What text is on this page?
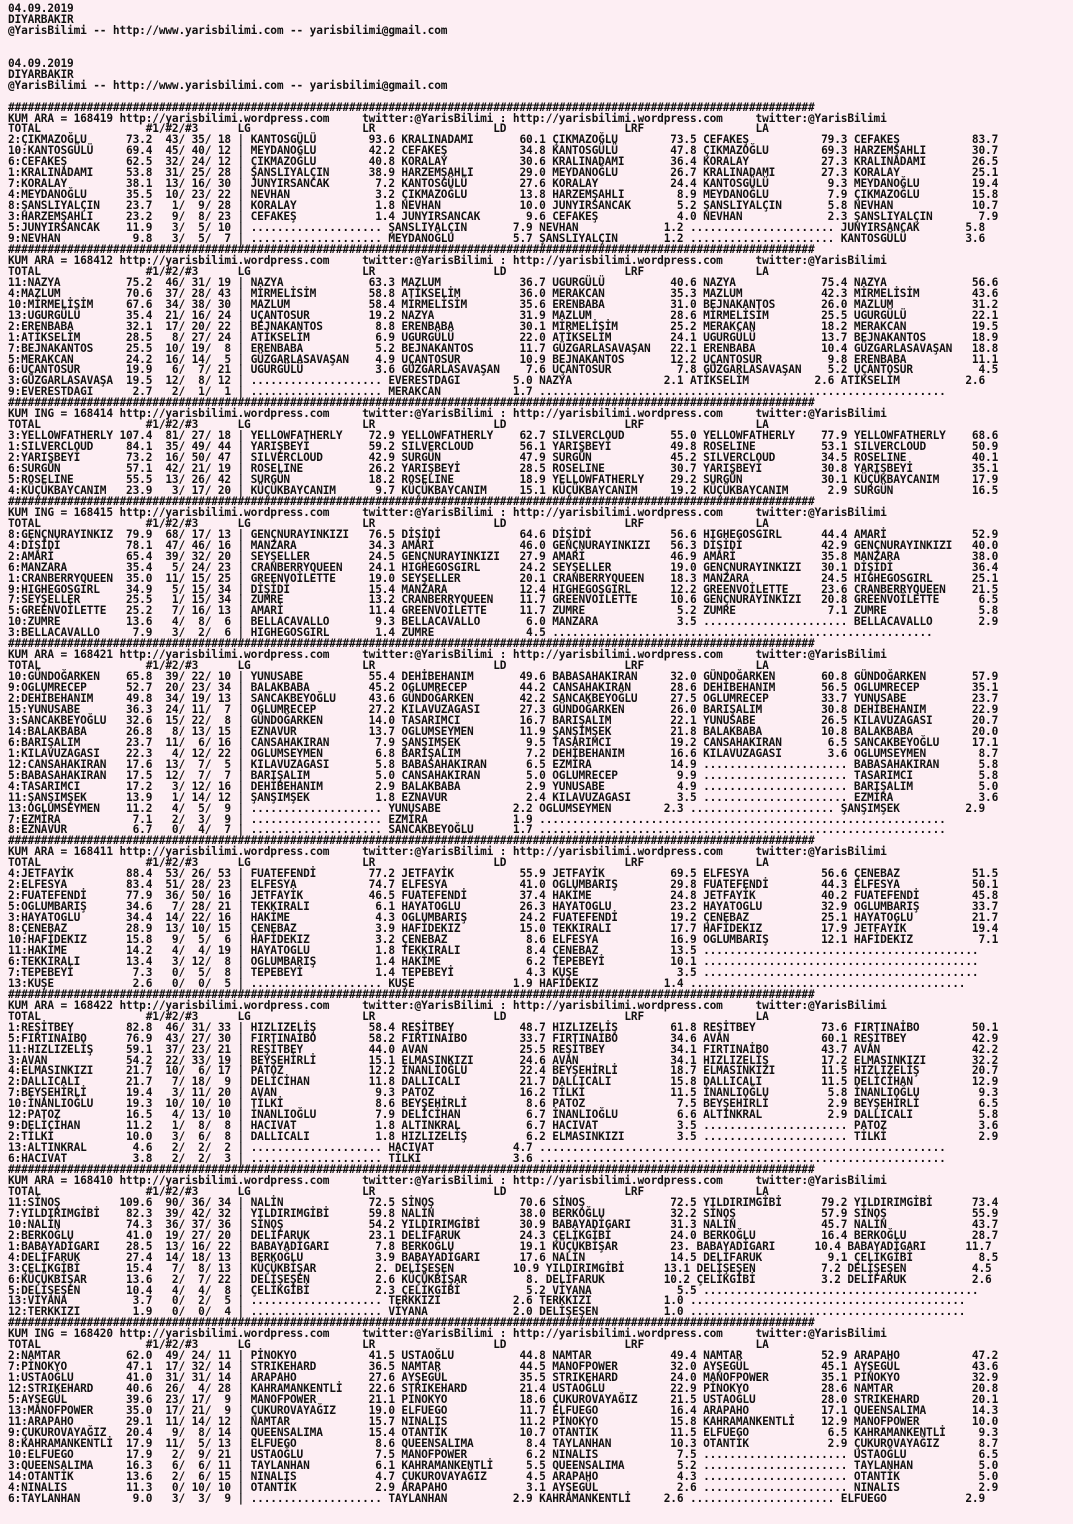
04.09.2019
DIYARBAKIR
@YarisBilimi -- http://www.yarisbilimi.com -- yarisbilimi@gmail.com

04.09.2019
DIYARBAKIR
@YarisBilimi -- http://www.yarisbilimi.com -- yarisbilimi@gmail.com

###########################################################################################################################
KUM ARA = 168419 http://yarisbilimi.wordpress.com     twitter:@YarisBilimi : http://yarisbilimi.wordpress.com     twitter:@YarisBilimi
TOTAL                #1/#2/#3      LG                 LR                  LD                  LRF                 LA
2:ÇIKMAZOĞLU      73.2  43/ 35/ 18 | KANTOSGÜLÜ        93.6 KRALINADAMI       60.1 ÇIKMAZOĞLU        73.5 CEFAKEŞ           79.3 CEFAKEŞ           83.7
10:KANTOSGÜLÜ     69.4  45/ 40/ 12 | MEYDANOĞLU        42.2 CEFAKEŞ           34.8 KANTOSGÜLÜ        47.8 ÇIKMAZOĞLU        69.3 HARZEMŞAHLI       30.7
6:CEFAKEŞ         62.5  32/ 24/ 12 | ÇIKMAZOĞLU        40.8 KORALAY           30.6 KRALINADAMI       36.4 KORALAY           27.3 KRALINADAMI       26.5
1:KRALINADAMI     53.8  31/ 25/ 28 | ŞANSLIYALÇIN      38.9 HARZEMŞAHLI       29.0 MEYDANOĞLU        26.7 KRALINADAMI       27.3 KORALAY           25.1
7:KORALAY         38.1  13/ 16/ 30 | JUNYIRSANCAK       7.2 KANTOSGÜLÜ        27.6 KORALAY           24.4 KANTOSGÜLÜ         9.3 MEYDANOĞLU        19.4
4:MEYDANOĞLU      35.5  10/ 23/ 22 | NEVHAN             3.2 ÇIKMAZOĞLU        13.8 HARZEMŞAHLI        8.9 MEYDANOĞLU         7.9 ÇIKMAZOĞLU        15.8
8:ŞANSLIYALÇIN    23.7   1/  9/ 28 | KORALAY            1.8 NEVHAN            10.0 JUNYIRSANCAK       5.2 ŞANSLIYALÇIN       5.8 NEVHAN            10.7
3:HARZEMŞAHLI     23.2   9/  8/ 23 | CEFAKEŞ            1.4 JUNYIRSANCAK       9.6 CEFAKEŞ            4.0 NEVHAN             2.3 ŞANSLIYALÇIN       7.9
5:JUNYIRSANCAK    11.9   3/  5/ 10 | .................... ŞANSLIYALÇIN       7.9 NEVHAN             1.2 ...................... JUNYIRSANCAK       5.8
9:NEVHAN           9.8   3/  5/  7 | .................... MEYDANOĞLU         5.7 ŞANSLIYALÇIN       1.2 ...................... KANTOSGÜLÜ         3.6
###########################################################################################################################
KUM ARA = 168412 http://yarisbilimi.wordpress.com     twitter:@YarisBilimi : http://yarisbilimi.wordpress.com     twitter:@YarisBilimi
TOTAL                #1/#2/#3      LG                 LR                  LD                  LRF                 LA
11:NAZYA          75.2  46/ 31/ 19 | NAZYA             63.3 MAZLUM            36.7 UGURGÜLÜ          40.6 NAZYA             75.4 NAZYA             56.6
4:MAZLUM          70.6  37/ 28/ 43 | MİRMELİSİM        58.8 ATİKSELİM         36.0 MERAKCAN          35.3 MAZLUM            42.3 MİRMELİSİM        43.6
10:MİRMELİSİM     67.6  34/ 38/ 30 | MAZLUM            58.4 MİRMELİSİM        35.6 ERENBABA          31.0 BEJNAKANTOS       26.0 MAZLUM            31.2
13:UGURGÜLÜ       35.4  21/ 16/ 24 | UÇANTOSUR         19.2 NAZYA             31.9 MAZLUM            28.6 MİRMELİSİM        25.5 UGURGÜLÜ          22.1
2:ERENBABA        32.1  17/ 20/ 22 | BEJNAKANTOS        8.8 ERENBABA          30.1 MİRMELİSİM        25.2 MERAKCAN          18.2 MERAKCAN          19.5
1:ATİKSELİM       28.5   8/ 27/ 24 | ATİKSELİM          6.9 UGURGÜLÜ          22.0 ATİKSELİM         24.1 UGURGÜLÜ          13.7 BEJNAKANTOS       18.9
7:BEJNAKANTOS     25.5  10/ 19/  8 | ERENBABA           5.2 BEJNAKANTOS       11.7 GÜZGARLASAVAŞAN   22.1 ERENBABA          10.4 GÜZGARLASAVAŞAN   18.8
5:MERAKCAN        24.2  16/ 14/  5 | GÜZGARLASAVAŞAN    4.9 UÇANTOSUR         10.9 BEJNAKANTOS       12.2 UÇANTOSUR          9.8 ERENBABA          11.1
6:UÇANTOSUR       19.9   6/  7/ 21 | UGURGÜLÜ           3.6 GÜZGARLASAVAŞAN    7.6 UÇANTOSUR          7.8 GÜZGARLASAVAŞAN    5.2 UÇANTOSUR          4.5
3:GÜZGARLASAVAŞA  19.5  12/  8/ 12 | .................... EVERESTDAGI        5.0 NAZYA              2.1 ATİKSELİM          2.6 ATİKSELİM          2.6
9:EVERESTDAGI      2.7   2/  1/  1 | .................... MERAKCAN           1.7 ..............................................................
###########################################################################################################################
KUM ING = 168414 http://yarisbilimi.wordpress.com     twitter:@YarisBilimi : http://yarisbilimi.wordpress.com     twitter:@YarisBilimi
TOTAL                #1/#2/#3      LG                 LR                  LD                  LRF                 LA
3:YELLOWFATHERLY 107.4  81/ 27/ 18 | YELLOWFATHERLY    72.9 YELLOWFATHERLY    62.7 SILVERCLOUD       55.0 YELLOWFATHERLY    77.9 YELLOWFATHERLY    68.6
1:SILVERCLOUD     84.1  35/ 49/ 44 | YARIŞBEYİ         59.2 SILVERCLOUD       56.1 YARIŞBEYİ         49.8 ROSELINE          53.1 SILVERCLOUD       50.9
2:YARIŞBEYİ       73.2  16/ 50/ 47 | SILVERCLOUD       42.9 SURGÜN            47.9 SURGÜN            45.2 SILVERCLOUD       34.5 ROSELINE          40.1
6:SURGÜN          57.1  42/ 21/ 19 | ROSELINE          26.2 YARIŞBEYİ         28.5 ROSELINE          30.7 YARIŞBEYİ         30.8 YARIŞBEYİ         35.1
5:ROSELINE        55.5  13/ 26/ 42 | SURGÜN            18.2 ROSELINE          18.9 YELLOWFATHERLY    29.2 SURGÜN            30.1 KÜÇÜKBAYCANIM     17.9
4:KÜÇÜKBAYCANIM   23.9   3/ 17/ 20 | KÜÇÜKBAYCANIM      9.7 KÜÇÜKBAYCANIM     15.1 KÜÇÜKBAYCANIM     19.2 KÜÇÜKBAYCANIM      2.9 SURGÜN            16.5
###########################################################################################################################
KUM ING = 168415 http://yarisbilimi.wordpress.com     twitter:@YarisBilimi : http://yarisbilimi.wordpress.com     twitter:@YarisBilimi
TOTAL                #1/#2/#3      LG                 LR                  LD                  LRF                 LA
8:GENÇNURAYINKIZ  79.9  68/ 17/ 13 | GENÇNURAYINKIZI   76.5 DİŞİDİ            64.6 DİŞİDİ            56.6 HIGHEGOSGIRL      44.4 AMARİ             52.9
4:DİŞİDİ          78.1  47/ 46/ 16 | MANZARA           34.3 AMARİ             46.0 GENÇNURAYINKIZI   56.3 DİŞİDİ            42.9 GENÇNURAYINKIZI   40.0
2:AMARİ           65.4  39/ 32/ 20 | SEYŞELLER         24.5 GENÇNURAYINKIZI   27.9 AMARİ             46.9 AMARİ             35.8 MANZARA           38.0
6:MANZARA         35.4   5/ 24/ 23 | CRANBERRYQUEEN    24.1 HIGHEGOSGIRL      24.2 SEYŞELLER         19.0 GENÇNURAYINKIZI   30.1 DİŞİDİ            36.4
1:CRANBERRYQUEEN  35.0  11/ 15/ 25 | GREENVOİLETTE     19.0 SEYŞELLER         20.1 CRANBERRYQUEEN    18.3 MANZARA           24.5 HIGHEGOSGIRL      25.1
9:HIGHEGOSGIRL    34.9   5/ 15/ 34 | DİŞİDİ            15.4 MANZARA           12.4 HIGHEGOSGIRL      12.2 GREENVOİLETTE     23.6 CRANBERRYQUEEN    21.5
7:SEYŞELLER       25.5   1/ 15/ 34 | ZUMRE             13.2 CRANBERRYQUEEN    11.7 GREENVOİLETTE     10.6 GENÇNURAYINKIZI   20.8 GREENVOİLETTE      6.5
5:GREENVOİLETTE   25.2   7/ 16/ 13 | AMARİ             11.4 GREENVOİLETTE     11.7 ZUMRE              5.2 ZUMRE              7.1 ZUMRE              5.8
10:ZUMRE          13.6   4/  8/  6 | BELLACAVALLO       9.3 BELLACAVALLO       6.0 MANZARA            3.5 ...................... BELLACAVALLO       2.9
3:BELLACAVALLO     7.9   3/  2/  6 | HIGHEGOSGIRL       1.4 ZUMRE              4.5 ..........................................................
###########################################################################################################################
KUM ARA = 168421 http://yarisbilimi.wordpress.com     twitter:@YarisBilimi : http://yarisbilimi.wordpress.com     twitter:@YarisBilimi
TOTAL                #1/#2/#3      LG                 LR                  LD                  LRF                 LA
10:GÜNDOĞARKEN    65.8  39/ 22/ 10 | YUNUSABE          55.4 DEHİBEHANIM       49.6 BABASAHAKIRAN     32.0 GÜNDOĞARKEN       60.8 GÜNDOĞARKEN       57.9
9:OGLUMRECEP      52.7  20/ 23/ 34 | BALAKBABA         45.2 OGLUMRECEP        44.2 CANSAHAKIRAN      28.6 DEHİBEHANIM       56.5 OGLUMRECEP        35.1
2:DEHİBEHANIM     49.8  34/ 19/ 13 | SANCAKBEYOĞLU     43.6 GÜNDOĞARKEN       42.2 SANCAKBEYOĞLU     27.5 OGLUMRECEP        33.7 YUNUSABE          23.7
15:YUNUSABE       36.3  24/ 11/  7 | OGLUMRECEP        27.2 KILAVUZAGASI      27.3 GÜNDOĞARKEN       26.0 BARIŞALIM         30.8 DEHİBEHANIM       22.9
3:SANCAKBEYOĞLU   32.6  15/ 22/  8 | GÜNDOĞARKEN       14.0 TASARIMCI         16.7 BARIŞALIM         22.1 YUNUSABE          26.5 KILAVUZAGASI      20.7
14:BALAKBABA      26.8   8/ 13/ 15 | EZNAVUR           13.7 OGLUMSEYMEN       11.9 ŞANŞIMŞEK         21.8 BALAKBABA         10.8 BALAKBABA         20.0
6:BARIŞALIM       23.7  11/  6/ 16 | CANSAHAKIRAN       7.9 ŞANŞIMŞEK          9.5 TASARIMCI         19.2 CANSAHAKIRAN       6.5 SANCAKBEYOĞLU     17.1
1:KILAVUZAGASI    22.3   4/ 12/ 22 | OGLUMSEYMEN        6.8 BARIŞALIM          7.2 DEHİBEHANIM       16.6 KILAVUZAGASI       3.6 OGLUMSEYMEN        8.7
12:CANSAHAKIRAN   17.6  13/  7/  5 | KILAVUZAGASI       5.8 BABASAHAKIRAN      6.5 EZMİRA            14.9 ...................... BABASAHAKIRAN      5.8
5:BABASAHAKIRAN   17.5  12/  7/  7 | BARIŞALIM          5.0 CANSAHAKIRAN       5.0 OGLUMRECEP         9.9 ...................... TASARIMCI          5.8
4:TASARIMCI       17.2   3/ 12/ 16 | DEHİBEHANIM        2.9 BALAKBABA          2.9 YUNUSABE           4.9 ...................... BARIŞALIM          5.0
11:ŞANŞIMŞEK      13.9   1/ 14/ 12 | ŞANŞIMŞEK          1.8 EZNAVUR            2.4 KILAVUZAGASI       3.5 ...................... EZMİRA             3.6
13:OGLUMSEYMEN    11.2   4/  5/  9 | .................... YUNUSABE           2.2 OGLUMSEYMEN        2.3 ...................... ŞANŞIMŞEK          2.9
7:EZMİRA           7.1   2/  3/  9 | .................... EZMİRA             1.9 ..............................................................
8:EZNAVUR          6.7   0/  4/  7 | .................... SANCAKBEYOĞLU      1.7 ..............................................................
###########################################################################################################################
KUM ARA = 168411 http://yarisbilimi.wordpress.com     twitter:@YarisBilimi : http://yarisbilimi.wordpress.com     twitter:@YarisBilimi
TOTAL                #1/#2/#3      LG                 LR                  LD                  LRF                 LA
4:JETFAYİK        88.4  53/ 26/ 53 | FUATEFENDİ        77.2 JETFAYİK          55.9 JETFAYİK          69.5 ELFESYA           56.6 ÇENEBAZ           51.5
2:ELFESYA         83.4  51/ 28/ 23 | ELFESYA           74.7 ELFESYA           41.0 OGLUMBARIŞ        29.8 FUATEFENDİ        44.3 ELFESYA           50.1
2:FUATEFENDİ      77.9  36/ 50/ 16 | JETFAYİK          46.5 FUATEFENDİ        37.4 HAKİME            24.8 JETFAYİK          40.2 FUATEFENDİ        45.8
5:OGLUMBARIŞ      34.6   7/ 28/ 21 | TEKKIRALI          6.1 HAYATOGLU         26.3 HAYATOGLU         23.2 HAYATOGLU         32.9 OGLUMBARIŞ        33.7
3:HAYATOGLU       34.4  14/ 22/ 16 | HAKİME             4.3 OGLUMBARIŞ        24.2 FUATEFENDİ        19.2 ÇENEBAZ           25.1 HAYATOGLU         21.7
8:ÇENEBAZ         28.9  13/ 10/ 15 | ÇENEBAZ            3.9 HAFİDEKIZ         15.0 TEKKIRALI         17.7 HAFİDEKIZ         17.9 JETFAYİK          19.4
10:HAFİDEKIZ      15.8   9/  5/  6 | HAFİDEKIZ          3.2 ÇENEBAZ            8.6 ELFESYA           16.9 OGLUMBARIŞ        12.1 HAFİDEKIZ          7.1
11:HAKİME         14.2   4/  4/ 19 | HAYATOGLU          1.8 TEKKIRALI          8.4 ÇENEBAZ           13.5 ..........................................
6:TEKKIRALI       13.4   3/ 12/  8 | OGLUMBARIŞ         1.4 HAKİME             6.2 TEPEBEYİ          10.1 ..........................................
7:TEPEBEYİ         7.3   0/  5/  8 | TEPEBEYİ           1.4 TEPEBEYİ           4.3 KUŞE               3.5 ..........................................
13:KUŞE            2.6   0/  0/  5 | .................... KUŞE               1.9 HAFİDEKIZ          1.4 ..........................................
###########################################################################################################################
KUM ARA = 168422 http://yarisbilimi.wordpress.com     twitter:@YarisBilimi : http://yarisbilimi.wordpress.com     twitter:@YarisBilimi
TOTAL                #1/#2/#3      LG                 LR                  LD                  LRF                 LA
1:REŞİTBEY        82.8  46/ 31/ 33 | HIZLIZELİŞ        58.4 REŞİTBEY          48.7 HIZLIZELİŞ        61.8 REŞİTBEY          73.6 FIRTINAİBO        50.1
5:FIRTINAİBO      76.9  43/ 27/ 30 | FIRTINAİBO        58.2 FIRTINAİBO        33.7 FIRTINAİBO        34.6 AVAN              60.1 REŞİTBEY          42.9
11:HIZLIZELİŞ     59.1  37/ 23/ 21 | REŞİTBEY          44.0 AVAN              25.5 REŞİTBEY          34.1 FIRTINAİBO        43.7 AVAN              42.2
3:AVAN            54.2  22/ 33/ 19 | BEYŞEHİRLİ        15.1 ELMASINKIZI       24.6 AVAN              34.1 HIZLIZELİŞ        17.2 ELMASINKIZI       32.2
4:ELMASINKIZI     21.7  10/  6/ 17 | PATOZ             12.2 İNANLIOĞLU        22.4 BEYŞEHİRLİ        18.7 ELMASINKIZI       11.5 HIZLIZELİŞ        20.7
2:DALLICALI       21.7   7/ 18/  9 | DELİCİHAN         11.8 DALLICALI         21.7 DALLICALI         15.8 DALLICALI         11.5 DELİCİHAN         12.9
7:BEYŞEHİRLİ      19.4   3/ 11/ 20 | AVAN               9.3 PATOZ             16.2 TİLKİ             11.5 İNANLIOĞLU         5.8 İNANLIOĞLU         9.3
10:İNANLIOĞLU     19.3  10/ 10/ 10 | TİLKİ              8.6 BEYŞEHİRLİ         8.6 PATOZ              7.5 BEYŞEHİRLİ         2.9 BEYŞEHİRLİ         6.5
12:PATOZ          16.5   4/ 13/ 10 | İNANLIOĞLU         7.9 DELİCİHAN          6.7 İNANLIOĞLU         6.6 ALTINKRAL          2.9 DALLICALI          5.8
9:DELİCİHAN       11.2   1/  8/  8 | HACIVAT            1.8 ALTINKRAL          6.7 HACIVAT            3.5 ...................... PATOZ              3.6
2:TİLKİ           10.0   3/  6/  8 | DALLICALI          1.8 HIZLIZELİŞ         6.2 ELMASINKIZI        3.5 ...................... TİLKİ              2.9
13:ALTINKRAL       4.6   2/  2/  2 | .................... HACIVAT            4.7 ..............................................................
6:HACIVAT          3.8   2/  2/  3 | .................... TİLKİ              3.6 ..............................................................
###########################################################################################################################
KUM ARA = 168410 http://yarisbilimi.wordpress.com     twitter:@YarisBilimi : http://yarisbilimi.wordpress.com     twitter:@YarisBilimi
TOTAL                #1/#2/#3      LG                 LR                  LD                  LRF                 LA
11:SİNOŞ         109.6  90/ 36/ 34 | NALİN             72.5 SİNOŞ             70.6 SİNOŞ             72.5 YILDIRIMGİBİ      79.2 YILDIRIMGİBİ      73.4
7:YILDIRIMGİBİ    82.3  39/ 42/ 32 | YILDIRIMGİBİ      59.8 NALİN             38.0 BERKOĞLU          32.2 SİNOŞ             57.9 SİNOŞ             55.9
10:NALİN          74.3  36/ 37/ 36 | SİNOŞ             54.2 YILDIRIMGİBİ      30.9 BABAYADİGARI      31.3 NALİN             45.7 NALİN             43.7
2:BERKOĞLU        41.0  19/ 27/ 20 | DELİFARUK         23.1 DELİFARUK         24.3 ÇELİKGİBİ         24.0 BERKOĞLU          16.4 BERKOĞLU          28.7
1:BABAYADİGARI    28.5  13/ 16/ 22 | BABAYADİGARI       7.8 BERKOĞLU          19.1 KÜÇÜKBİŞAR        23. BABAYADİGARI      10.4 BABAYADİGARI      11.7
4:DELİFARUK       27.4  14/ 18/ 13 | BERKOĞLU           3.9 BABAYADİGARI      17.6 NALİN             14.5 DELİFARUK          9.1 ÇELİKGİBİ          8.5
3:ÇELİKGİBİ       15.4   7/  8/ 13 | KÜÇÜKBİŞAR         2. DELİŞEŞEN         10.9 YILDIRIMGİBİ      13.1 DELİŞEŞEN          7.2 DELİŞEŞEN          4.5
6:KÜÇÜKBİŞAR      13.6   2/  7/ 22 | DELİŞEŞEN          2.6 KÜÇÜKBİŞAR         8. DELİFARUK         10.2 ÇELİKGİBİ          3.2 DELİFARUK          2.6
5:DELİŞEŞEN       10.4   4/  4/  8 | ÇELİKGİBİ          2.3 ÇELİKGİBİ          5.2 VİYANA             5.5 ..........................................
13:VİYANA          3.7   0/  2/  5 | .................... TERKKIZI           2.6 TERKKIZI           1.0 ..........................................
12:TERKKIZI        1.9   0/  0/  4 | .................... VİYANA             2.0 DELİŞEŞEN          1.0 ..........................................
###########################################################################################################################
KUM ING = 168420 http://yarisbilimi.wordpress.com     twitter:@YarisBilimi : http://yarisbilimi.wordpress.com     twitter:@YarisBilimi
TOTAL                #1/#2/#3      LG                 LR                  LD                  LRF                 LA
2:NAMTAR          62.0  49/ 24/ 11 | PİNOKYO           41.5 USTAOĞLU          44.8 NAMTAR            49.4 NAMTAR            52.9 ARAPAHO           47.2
7:PİNOKYO         47.1  17/ 32/ 14 | STRIKEHARD        36.5 NAMTAR            44.5 MANOFPOWER        32.0 AYŞEGÜL           45.1 AYŞEGÜL           43.6
1:USTAOĞLU        41.0  31/ 31/ 14 | ARAPAHO           27.6 AYŞEGÜL           35.5 STRIKEHARD        24.0 MANOFPOWER        35.1 PİNOKYO           32.9
12:STRIKEHARD     40.6  26/  4/ 28 | KAHRAMANKENTLİ    22.6 STRIKEHARD        21.4 USTAOĞLU          22.9 PİNOKYO           28.6 NAMTAR            20.8
5:AYŞEGÜL         39.6  23/ 17/  9 | MANOFPOWER        21.1 PİNOKYO           18.6 ÇUKUROVAYAĞIZ     21.5 USTAOĞLU          28.0 STRIKEHARD        20.1
13:MANOFPOWER     35.0  17/ 21/  9 | ÇUKUROVAYAĞIZ     19.0 ELFUEGO           11.7 ELFUEGO           16.4 ARAPAHO           17.1 QUEENSALIMA       14.3
11:ARAPAHO        29.1  11/ 14/ 12 | NAMTAR            15.7 NINALIS           11.2 PİNOKYO           15.8 KAHRAMANKENTLİ    12.9 MANOFPOWER        10.0
9:ÇUKUROVAYAĞIZ   20.4   9/  8/ 14 | QUEENSALIMA       15.4 OTANTİK           10.7 OTANTİK           11.5 ELFUEGO            6.5 KAHRAMANKENTLİ     9.3
8:KAHRAMANKENTLİ  17.9  11/  5/ 13 | ELFUEGO            8.6 QUEENSALIMA        8.4 TAYLANHAN         10.3 OTANTİK            2.9 ÇUKUROVAYAĞIZ      8.7
10:ELFUEGO        17.9   2/  9/ 21 | USTAOĞLU           7.5 MANOFPOWER         6.2 NINALIS            7.5 ...................... USTAOĞLU           6.5
3:QUEENSALIMA     16.3   6/  6/ 11 | TAYLANHAN          6.1 KAHRAMANKENTLİ     5.5 QUEENSALIMA        5.2 ...................... TAYLANHAN          5.0
14:OTANTİK        13.6   2/  6/ 15 | NINALIS            4.7 ÇUKUROVAYAĞIZ      4.5 ARAPAHO            4.3 ...................... OTANTİK            5.0
4:NINALIS         11.3   0/ 10/ 10 | OTANTİK            2.9 ARAPAHO            3.1 AYŞEGÜL            2.6 ...................... NINALIS            2.9
6:TAYLANHAN        9.0   3/  3/  9 | .................... TAYLANHAN          2.9 KAHRAMANKENTLİ     2.6 ...................... ELFUEGO            2.9
